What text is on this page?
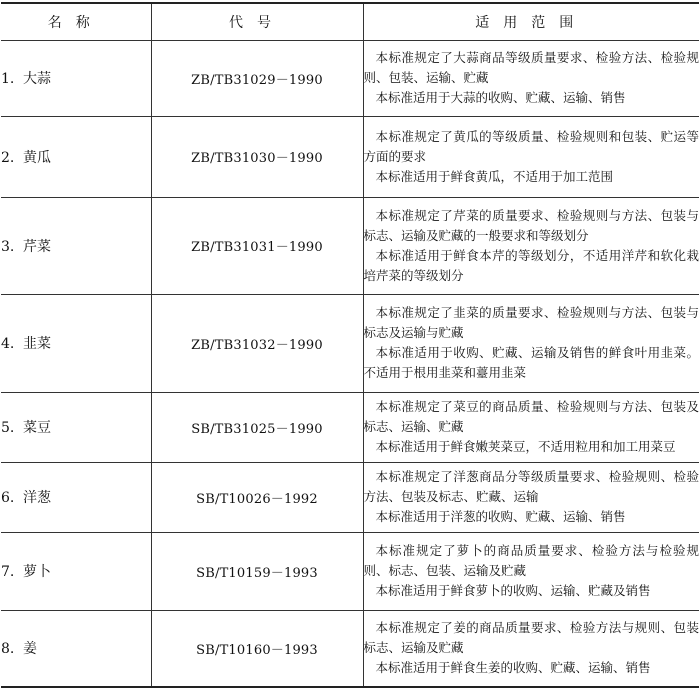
名称	代号	适用范围
1. 大蒜	ZB/TB31029－1990	本标准规定了大蒜商品等级质量要求、检验方法、检验规则、包装、运输、贮藏

本标准适用于大蒜的收购、贮藏、运输、销售

2. 黄瓜	ZB/TB31030－1990	本标准规定了黄瓜的等级质量、检验规则和包装、贮运等方面的要求

本标准适用于鲜食黄瓜，不适用于加工范围

3. 芹菜	ZB/TB31031－1990	本标准规定了芹菜的质量要求、检验规则与方法、包装与标志、运输及贮藏的一般要求和等级划分

本标准适用于鲜食本芹的等级划分，不适用洋芹和软化栽培芹菜的等级划分

4. 韭菜	ZB/TB31032－1990	本标准规定了韭菜的质量要求、检验规则与方法、包装与标志及运输与贮藏

本标准适用于收购、贮藏、运输及销售的鲜食叶用韭菜。不适用于根用韭菜和薹用韭菜

5. 菜豆	SB/TB31025－1990	本标准规定了菜豆的商品质量、检验规则与方法、包装及标志、运输、贮藏

本标准适用于鲜食嫩荚菜豆，不适用粒用和加工用菜豆

6. 洋葱	SB/T10026－1992	本标准规定了洋葱商品分等级质量要求、检验规则、检验方法、包装及标志、贮藏、运输

本标准适用于洋葱的收购、贮藏、运输、销售

7. 萝卜	SB/T10159－1993	本标准规定了萝卜的商品质量要求、检验方法与检验规则、标志、包装、运输及贮藏

本标准适用于鲜食萝卜的收购、运输、贮藏及销售

8. 姜	SB/T10160－1993	本标准规定了姜的商品质量要求、检验方法与规则、包装标志、运输及贮藏

本标准适用于鲜食生姜的收购、贮藏、运输、销售
